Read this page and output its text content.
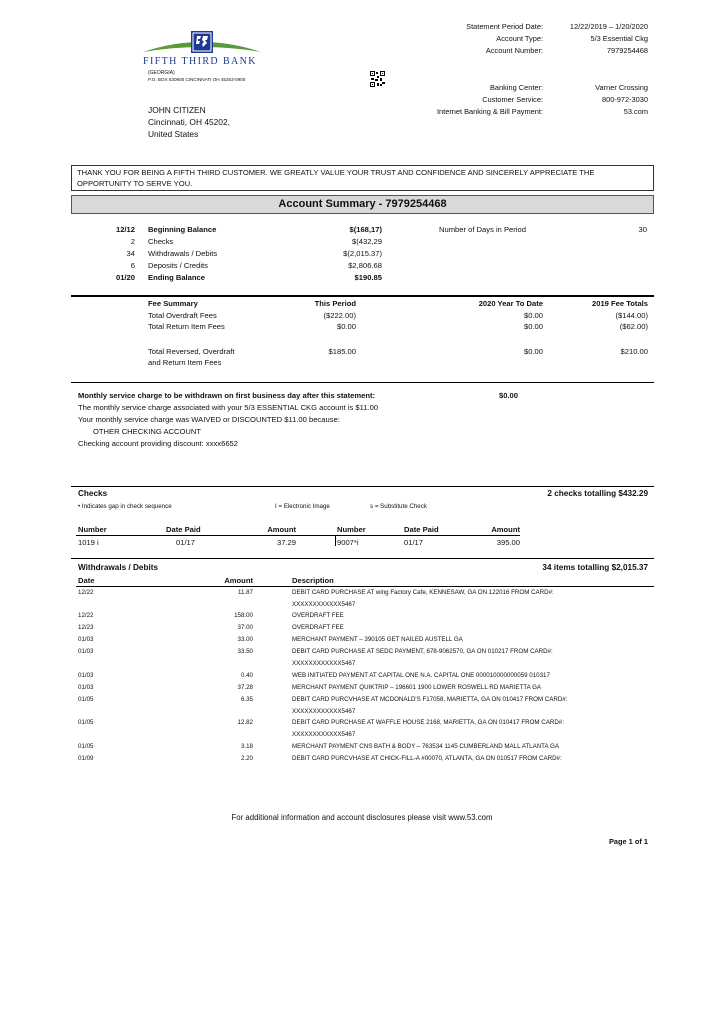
Statement Period Date:	12/22/2019 – 1/20/2020
Account Type:	5/3 Essential Ckg
Account Number:	7979254468
Banking Center:	Varner Crossing
Customer Service:	800-972-3030
Internet Banking & Bill Payment:	53.com
FIFTH THIRD BANK
(GEORGIA)
P.O. BOX 630900 CINCINNATI OH 45263-0900
JOHN CITIZEN
Cincinnati, OH 45202,
United States
THANK YOU FOR BEING A FIFTH THIRD CUSTOMER. WE GREATLY VALUE YOUR TRUST AND CONFIDENCE AND SINCERELY APPRECIATE THE OPPORTUNITY TO SERVE YOU.
Account Summary - 7979254468
12/12 Beginning Balance	$(168,17)
2 Checks	$(432,29
34 Withdrawals / Debits	$(2,015.37)
6 Deposits / Credits	$2,806.68
01/20 Ending Balance	$190.85
Number of Days in Period	30
Fee Summary	This Period	2020 Year To Date	2019 Fee Totals
Total Overdraft Fees	($222.00)	$0.00	($144.00)
Total Return Item Fees	$0.00	$0.00	($62.00)
Total Reversed, Overdraft
and Return Item Fees
$185.00	$0.00	$210.00
Monthly service charge to be withdrawn on first business day after this statement:	$0.00
The monthly service charge associated with your 5/3 ESSENTIAL CKG account is $11.00
Your monthly service charge was WAIVED or DISCOUNTED $11.00 because:
OTHER CHECKING ACCOUNT
Checking account providing discount: xxxx6652
Checks	2 checks totalling $432.29
• Indicates gap in check sequence	I = Electronic Image	s = Substitute Check
Number	Date Paid	Amount	Number	Date Paid	Amount
1019 i	01/17	37.29	9007*i	01/17	395.00
Withdrawals / Debits	34 items totalling $2,015.37
Date	Amount	Description
12/22	11.87	DEBIT CARD PURCHASE AT wing Factory Cafe, KENNESAW, GA ON 122016 FROM CARD#:
XXXXXXXXXXXX5467
12/22	158.00	OVERDRAFT FEE
12/23	37.00	OVERDRAFT FEE
01/03	33.00	MERCHANT PAYMENT – 390105 GET NAILED AUSTELL GA
01/03	33.50	DEBIT CARD PURCHASE AT SEDC PAYMENT, 678-9062570, GA ON 010217 FROM CARD#:
XXXXXXXXXXXX5467
01/03	0.40	WEB INITIATED PAYMENT AT CAPITAL ONE N.A. CAPITAL ONE 000010000000059 010317
01/03	37.28	MERCHANT PAYMENT QUIKTRIP – 196601 1900 LOWER ROSWELL RD MARIETTA GA
01/05	6.35	DEBIT CARD PURCVHASE AT MCDONALD'S F17058, MARIETTA, GA ON 010417 FROM CARD#:
XXXXXXXXXXXX5467
01/05	12.82	DEBIT CARD PURCHASE AT WAFFLE HOUSE 2168, MARIETTA, GA ON 010417 FROM CARD#:
XXXXXXXXXXXX5467
01/05	3.18	MERCHANT PAYMENT CNS BATH & BODY – 763534 1145 CUMBERLAND MALL ATLANTA GA
01/09	2.20	DEBIT CARD PURCVHASE AT CHICK-FILL-A #00070, ATLANTA, GA ON 010517 FROM CARD#:
For additional information and account disclosures please visit www.53.com
Page 1 of 1
